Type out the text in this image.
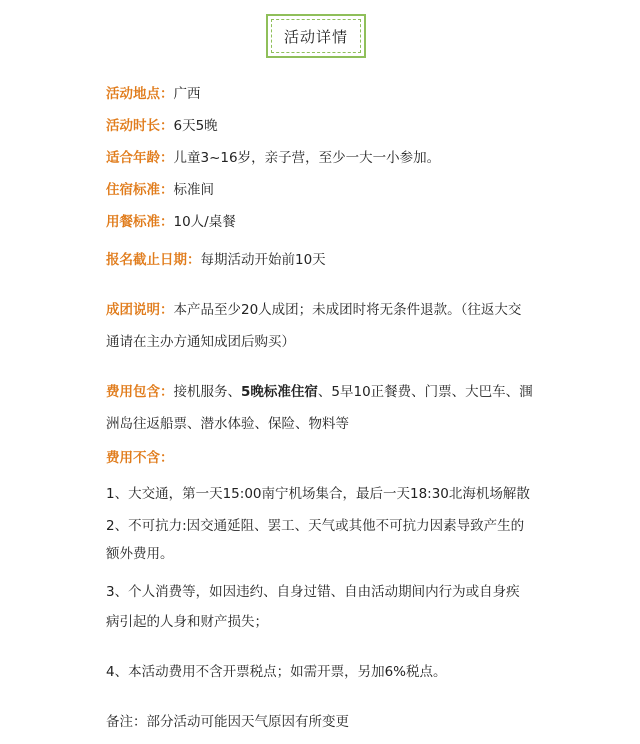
活动详情
活动地点：广西
活动时长：6天5晚
适合年龄：儿童3~16岁，亲子营，至少一大一小参加。
住宿标准：标准间
用餐标准：10人/桌餐
报名截止日期：每期活动开始前10天
成团说明：本产品至少20人成团；未成团时将无条件退款。（往返大交
通请在主办方通知成团后购买）
费用包含：接机服务、5晚标准住宿、5早10正餐费、门票、大巴车、涠
洲岛往返船票、潜水体验、保险、物料等
费用不含：
1、大交通，第一天15:00南宁机场集合，最后一天18:30北海机场解散
2、不可抗力:因交通延阻、罢工、天气或其他不可抗力因素导致产生的
额外费用。
3、个人消费等，如因违约、自身过错、自由活动期间内行为或自身疾
病引起的人身和财产损失；
4、本活动费用不含开票税点；如需开票，另加6%税点。
备注：部分活动可能因天气原因有所变更
